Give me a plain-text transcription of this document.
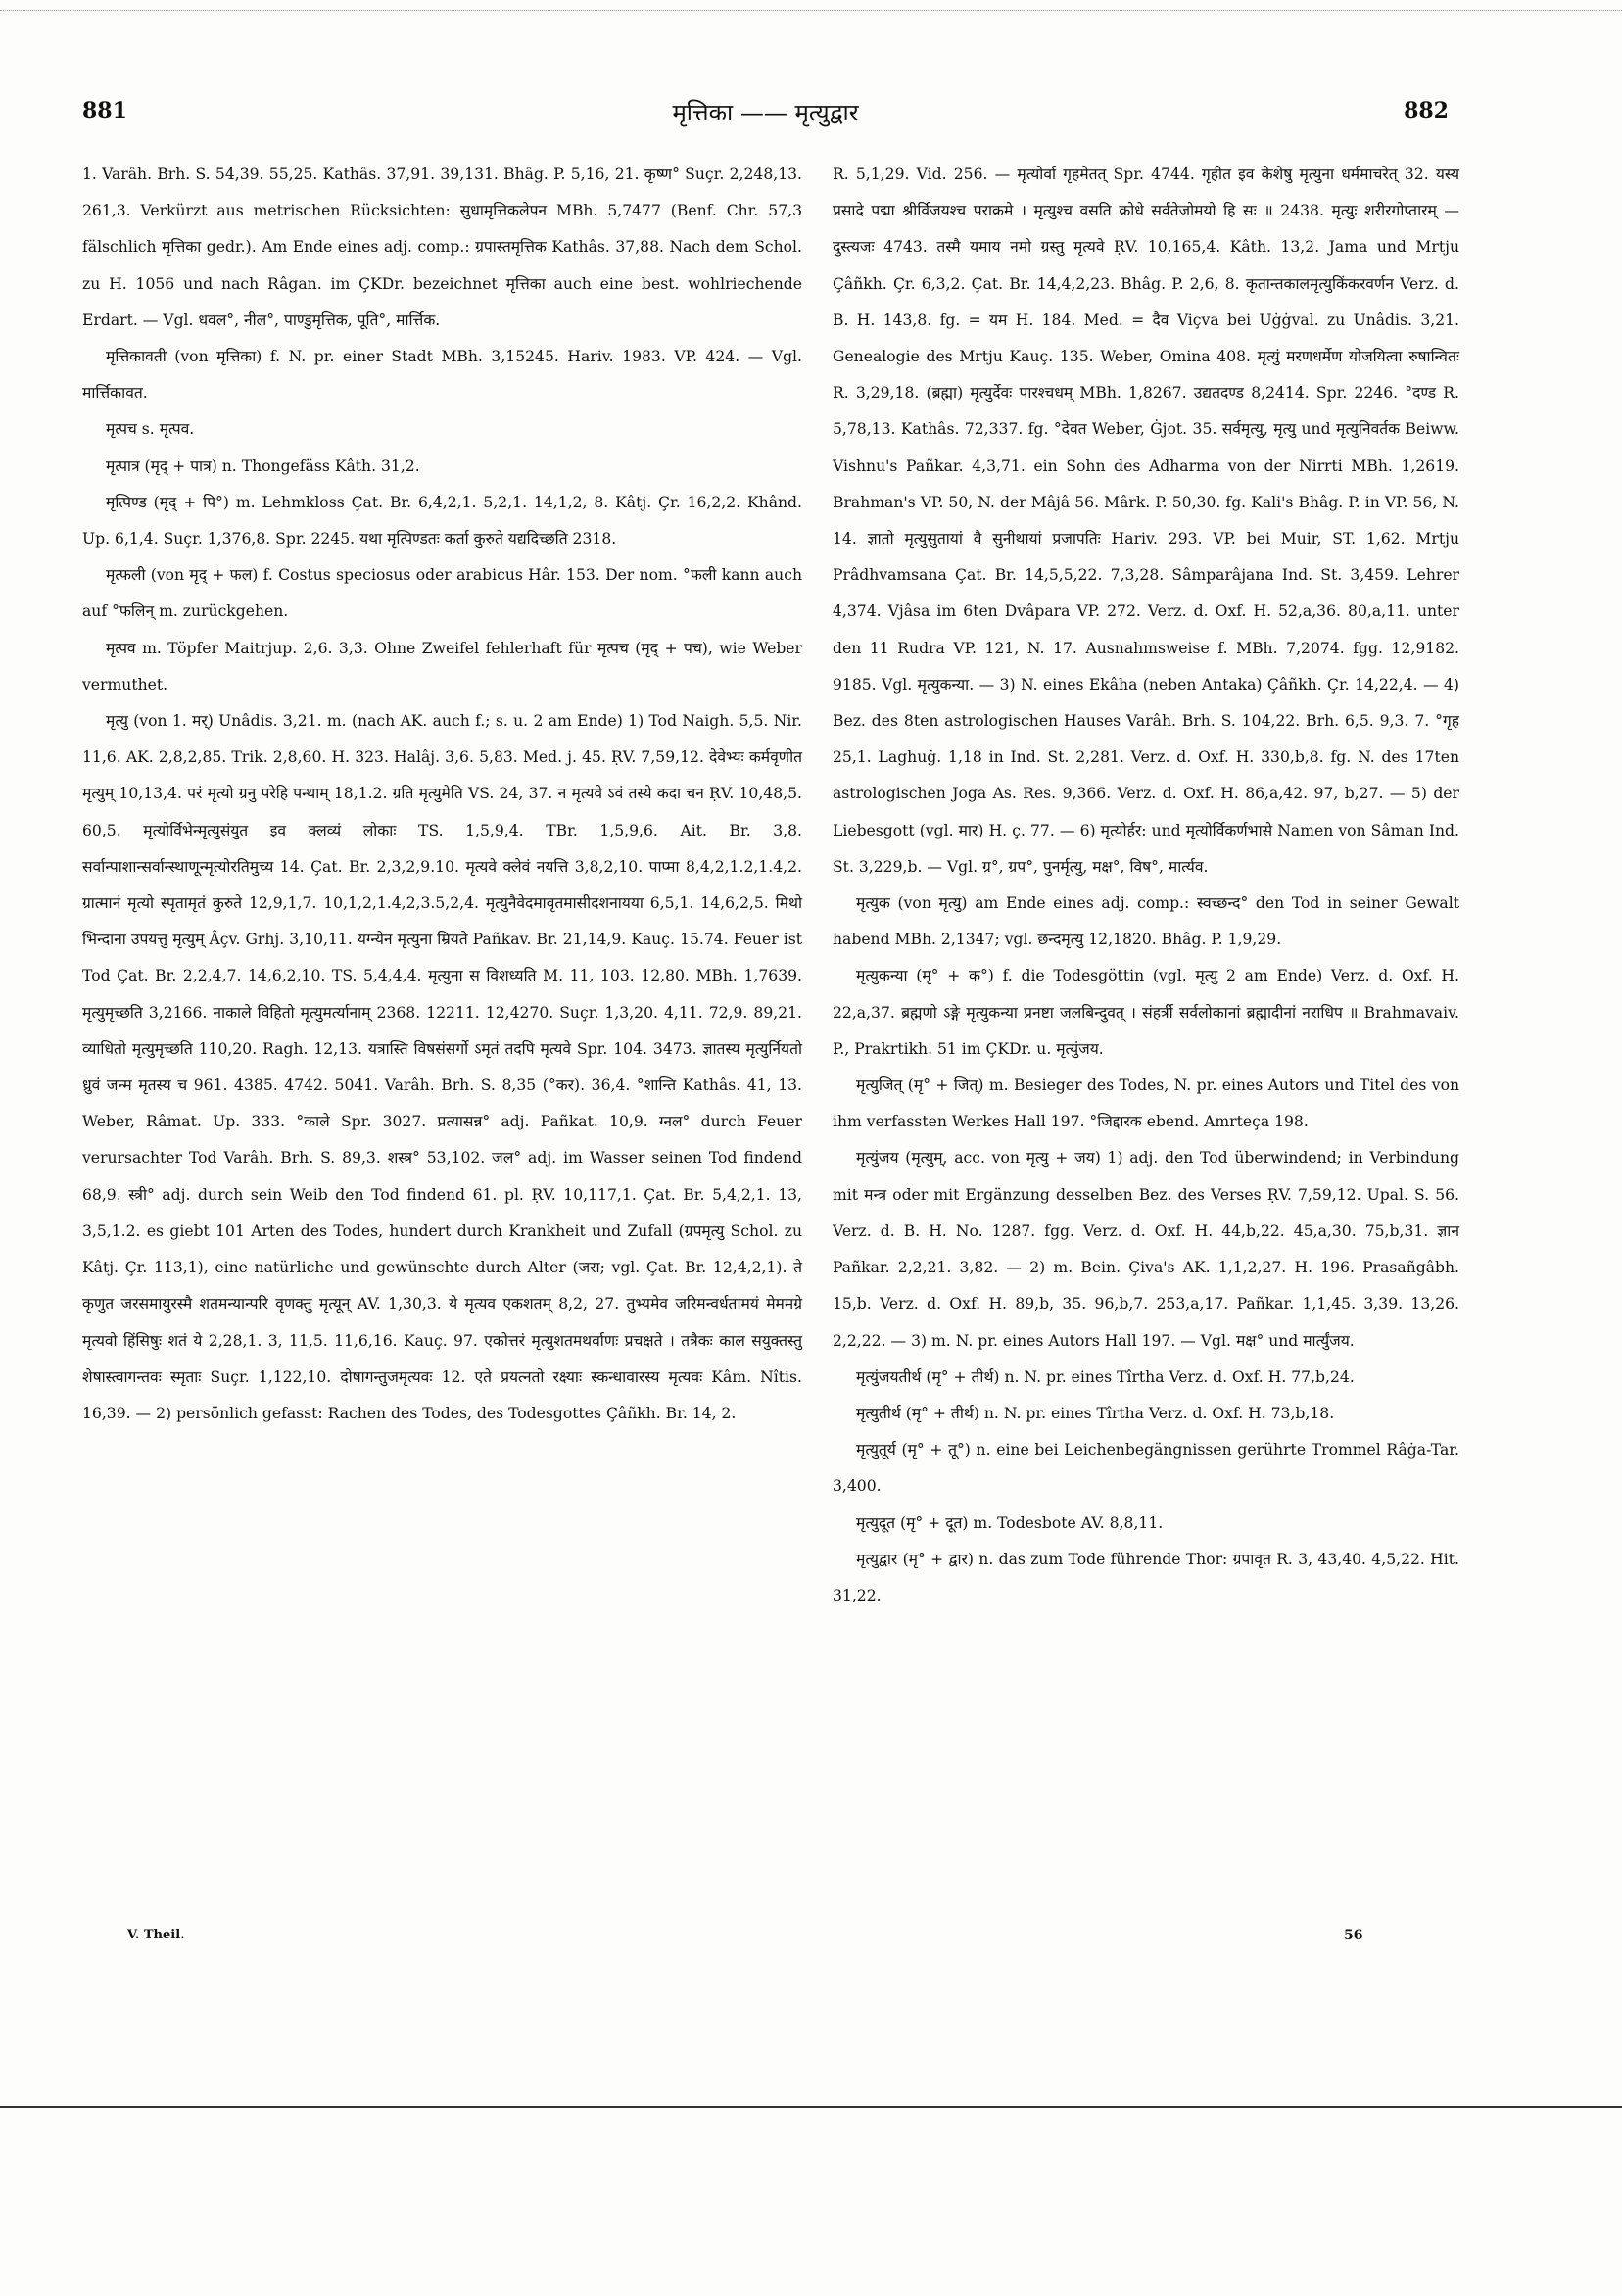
881	मृत्तिका —— मृत्युद्वार	882

1. Varâh. Brh. S. 54,39. 55,25. Kathâs. 37,91. 39,131. Bhâg. P. 5,16, 21. कृष्ण° Suçr. 2,248,13. 261,3. Verkürzt aus metrischen Rücksichten: सुधामृत्तिकलेपन MBh. 5,7477 (Benf. Chr. 57,3 fälschlich मृत्तिका gedr.). Am Ende eines adj. comp.: ग्रपास्तमृत्तिक Kathâs. 37,88. Nach dem Schol. zu H. 1056 und nach Râgan. im ÇKDr. bezeichnet मृत्तिका auch eine best. wohlriechende Erdart. — Vgl. धवल°, नील°, पाण्डुमृत्तिक, पूति°, मार्त्तिक.

मृत्तिकावती (von मृत्तिका) f. N. pr. einer Stadt MBh. 3,15245. Hariv. 1983. VP. 424. — Vgl. मार्त्तिकावत.

मृत्पच s. मृत्पव.

मृत्पात्र (मृद् + पात्र) n. Thongefäss Kâth. 31,2.

मृत्पिण्ड (मृद् + पि°) m. Lehmkloss Çat. Br. 6,4,2,1. 5,2,1. 14,1,2, 8. Kâtj. Çr. 16,2,2. Khând. Up. 6,1,4. Suçr. 1,376,8. Spr. 2245. यथा मृत्पिण्डतः कर्ता कुरुते यद्यदिच्छति 2318.

मृत्फली (von मृद् + फल) f. Costus speciosus oder arabicus Hâr. 153. Der nom. °फली kann auch auf °फलिन् m. zurückgehen.

मृत्पव m. Töpfer Maitrjup. 2,6. 3,3. Ohne Zweifel fehlerhaft für मृत्पच (मृद् + पच), wie Weber vermuthet.

मृत्यु (von 1. मर्) Unâdis. 3,21. m. (nach AK. auch f.; s. u. 2 am Ende) 1) Tod Naigh. 5,5. Nir. 11,6. AK. 2,8,2,85. Trik. 2,8,60. H. 323. Halâj. 3,6. 5,83. Med. j. 45. ṚV. 7,59,12. देवेभ्यः कर्मवृणीत मृत्युम् 10,13,4. परं मृत्यो ग्रनु परेहि पन्थाम् 18,1.2. ग्रति मृत्युमेति VS. 24, 37. न मृत्यवे ऽवं तस्ये कदा चन ṚV. 10,48,5. 60,5. मृत्योर्विभेन्मृत्युसंयुत इव क्लव्यं लोकाः TS. 1,5,9,4. TBr. 1,5,9,6. Ait. Br. 3,8. सर्वान्पाशान्सर्वान्स्थाणून्मृत्योरतिमुच्य 14. Çat. Br. 2,3,2,9.10. मृत्यवे क्लेवं नयत्ति 3,8,2,10. पाप्मा 8,4,2,1.2,1.4,2. ग्रात्मानं मृत्यो स्पृतामृतं कुरुते 12,9,1,7. 10,1,2,1.4,2,3.5,2,4. मृत्युनैवेदमावृतमासीदशनायया 6,5,1. 14,6,2,5. मिथो भिन्दाना उपयत्तु मृत्युम् Âçv. Grhj. 3,10,11. यग्न्येन मृत्युना म्रियते Pañkav. Br. 21,14,9. Kauç. 15.74. Feuer ist Tod Çat. Br. 2,2,4,7. 14,6,2,10. TS. 5,4,4,4. मृत्युना स विशध्यति M. 11, 103. 12,80. MBh. 1,7639. मृत्युमृच्छति 3,2166. नाकाले विहितो मृत्युमर्त्यानाम् 2368. 12211. 12,4270. Suçr. 1,3,20. 4,11. 72,9. 89,21. व्याधितो मृत्युमृच्छति 110,20. Ragh. 12,13. यत्रास्ति विषसंसर्गो ऽमृतं तदपि मृत्यवे Spr. 104. 3473. ज्ञातस्य मृत्युर्नियतो ध्रुवं जन्म मृतस्य च 961. 4385. 4742. 5041. Varâh. Brh. S. 8,35 (°कर). 36,4. °शान्ति Kathâs. 41, 13. Weber, Râmat. Up. 333. °काले Spr. 3027. प्रत्यासन्न° adj. Pañkat. 10,9. ग्नल° durch Feuer verursachter Tod Varâh. Brh. S. 89,3. शस्त्र° 53,102. जल° adj. im Wasser seinen Tod findend 68,9. स्त्री° adj. durch sein Weib den Tod findend 61. pl. ṚV. 10,117,1. Çat. Br. 5,4,2,1. 13, 3,5,1.2. es giebt 101 Arten des Todes, hundert durch Krankheit und Zufall (ग्रपमृत्यु Schol. zu Kâtj. Çr. 113,1), eine natürliche und gewünschte durch Alter (जरा; vgl. Çat. Br. 12,4,2,1). ते कृणुत जरसमायुरस्मै शतमन्यान्परि वृणक्तु मृत्यून् AV. 1,30,3. ये मृत्यव एकशतम् 8,2, 27. तुभ्यमेव जरिमन्वर्धतामयं मेममग्रे मृत्यवो हिंसिषुः शतं ये 2,28,1. 3, 11,5. 11,6,16. Kauç. 97. एकोत्तरं मृत्युशतमथर्वाणः प्रचक्षते । तत्रैकः काल सयुक्तस्तु शेषास्त्वागन्तवः स्मृताः Suçr. 1,122,10. दोषागन्तुजमृत्यवः 12. एते प्रयत्नतो रक्ष्याः स्कन्धावारस्य मृत्यवः Kâm. Nîtis. 16,39. — 2) persönlich gefasst: Rachen des Todes, des Todesgottes Çâñkh. Br. 14, 2.

R. 5,1,29. Vid. 256. — मृत्योर्वा गृहमेतत् Spr. 4744. गृहीत इव केशेषु मृत्युना धर्ममाचरेत् 32. यस्य प्रसादे पद्मा श्रीर्विजयश्च पराक्रमे । मृत्युश्च वसति क्रोधे सर्वतेजोमयो हि सः ॥ 2438. मृत्युः शरीरगोप्तारम् — दुस्त्यजः 4743. तस्मै यमाय नमो ग्रस्तु मृत्यवे ṚV. 10,165,4. Kâth. 13,2. Jama und Mrtju Çâñkh. Çr. 6,3,2. Çat. Br. 14,4,2,23. Bhâg. P. 2,6, 8. कृतान्तकालमृत्युकिंकरवर्णन Verz. d. B. H. 143,8. fg. = यम H. 184. Med. = दैव Viçva bei Uġġval. zu Unâdis. 3,21. Genealogie des Mrtju Kauç. 135. Weber, Omina 408. मृत्युं मरणधर्मेण योजयित्वा रुषान्वितः R. 3,29,18. (ब्रह्मा) मृत्युर्देवः पारश्चधम् MBh. 1,8267. उद्यतदण्ड 8,2414. Spr. 2246. °दण्ड R. 5,78,13. Kathâs. 72,337. fg. °देवत Weber, Ġjot. 35. सर्वमृत्यु, मृत्यु und मृत्युनिवर्तक Beiww. Vishnu's Pañkar. 4,3,71. ein Sohn des Adharma von der Nirrti MBh. 1,2619. Brahman's VP. 50, N. der Mâjâ 56. Mârk. P. 50,30. fg. Kali's Bhâg. P. in VP. 56, N. 14. ज्ञातो मृत्युसुतायां वै सुनीथायां प्रजापतिः Hariv. 293. VP. bei Muir, ST. 1,62. Mrtju Prâdhvamsana Çat. Br. 14,5,5,22. 7,3,28. Sâmparâjana Ind. St. 3,459. Lehrer 4,374. Vjâsa im 6ten Dvâpara VP. 272. Verz. d. Oxf. H. 52,a,36. 80,a,11. unter den 11 Rudra VP. 121, N. 17. Ausnahmsweise f. MBh. 7,2074. fgg. 12,9182. 9185. Vgl. मृत्युकन्या. — 3) N. eines Ekâha (neben Antaka) Çâñkh. Çr. 14,22,4. — 4) Bez. des 8ten astrologischen Hauses Varâh. Brh. S. 104,22. Brh. 6,5. 9,3. 7. °गृह 25,1. Laghuġ. 1,18 in Ind. St. 2,281. Verz. d. Oxf. H. 330,b,8. fg. N. des 17ten astrologischen Joga As. Res. 9,366. Verz. d. Oxf. H. 86,a,42. 97, b,27. — 5) der Liebesgott (vgl. मार) H. ç. 77. — 6) मृत्योर्हर: und मृत्योर्विकर्णभासे Namen von Sâman Ind. St. 3,229,b. — Vgl. ग्र°, ग्रप°, पुनर्मृत्यु, मक्ष°, विष°, मार्त्यव.

मृत्युक (von मृत्यु) am Ende eines adj. comp.: स्वच्छन्द° den Tod in seiner Gewalt habend MBh. 2,1347; vgl. छन्दमृत्यु 12,1820. Bhâg. P. 1,9,29.

मृत्युकन्या (मृ° + क°) f. die Todesgöttin (vgl. मृत्यु 2 am Ende) Verz. d. Oxf. H. 22,a,37. ब्रह्मणो ऽङ्गे मृत्युकन्या प्रनष्टा जलबिन्दुवत् । संहर्त्री सर्वलोकानां ब्रह्मादीनां नराधिप ॥ Brahmavaiv. P., Prakrtikh. 51 im ÇKDr. u. मृत्युंजय.

मृत्युजित् (मृ° + जित्) m. Besieger des Todes, N. pr. eines Autors und Titel des von ihm verfassten Werkes Hall 197. °जिद्दारक ebend. Amrteça 198.

मृत्युंजय (मृत्युम्, acc. von मृत्यु + जय) 1) adj. den Tod überwindend; in Verbindung mit मन्त्र oder mit Ergänzung desselben Bez. des Verses ṚV. 7,59,12. Upal. S. 56. Verz. d. B. H. No. 1287. fgg. Verz. d. Oxf. H. 44,b,22. 45,a,30. 75,b,31. ज्ञान Pañkar. 2,2,21. 3,82. — 2) m. Bein. Çiva's AK. 1,1,2,27. H. 196. Prasañgâbh. 15,b. Verz. d. Oxf. H. 89,b, 35. 96,b,7. 253,a,17. Pañkar. 1,1,45. 3,39. 13,26. 2,2,22. — 3) m. N. pr. eines Autors Hall 197. — Vgl. मक्ष° und मार्त्युंजय.

मृत्युंजयतीर्थ (मृ° + तीर्थ) n. N. pr. eines Tîrtha Verz. d. Oxf. H. 77,b,24.

मृत्युतीर्थ (मृ° + तीर्थ) n. N. pr. eines Tîrtha Verz. d. Oxf. H. 73,b,18.

मृत्युतूर्य (मृ° + तू°) n. eine bei Leichenbegängnissen gerührte Trommel Râġa-Tar. 3,400.

मृत्युदूत (मृ° + दूत) m. Todesbote AV. 8,8,11.

मृत्युद्वार (मृ° + द्वार) n. das zum Tode führende Thor: ग्रपावृत R. 3, 43,40. 4,5,22. Hit. 31,22.

V. Theil.	56
